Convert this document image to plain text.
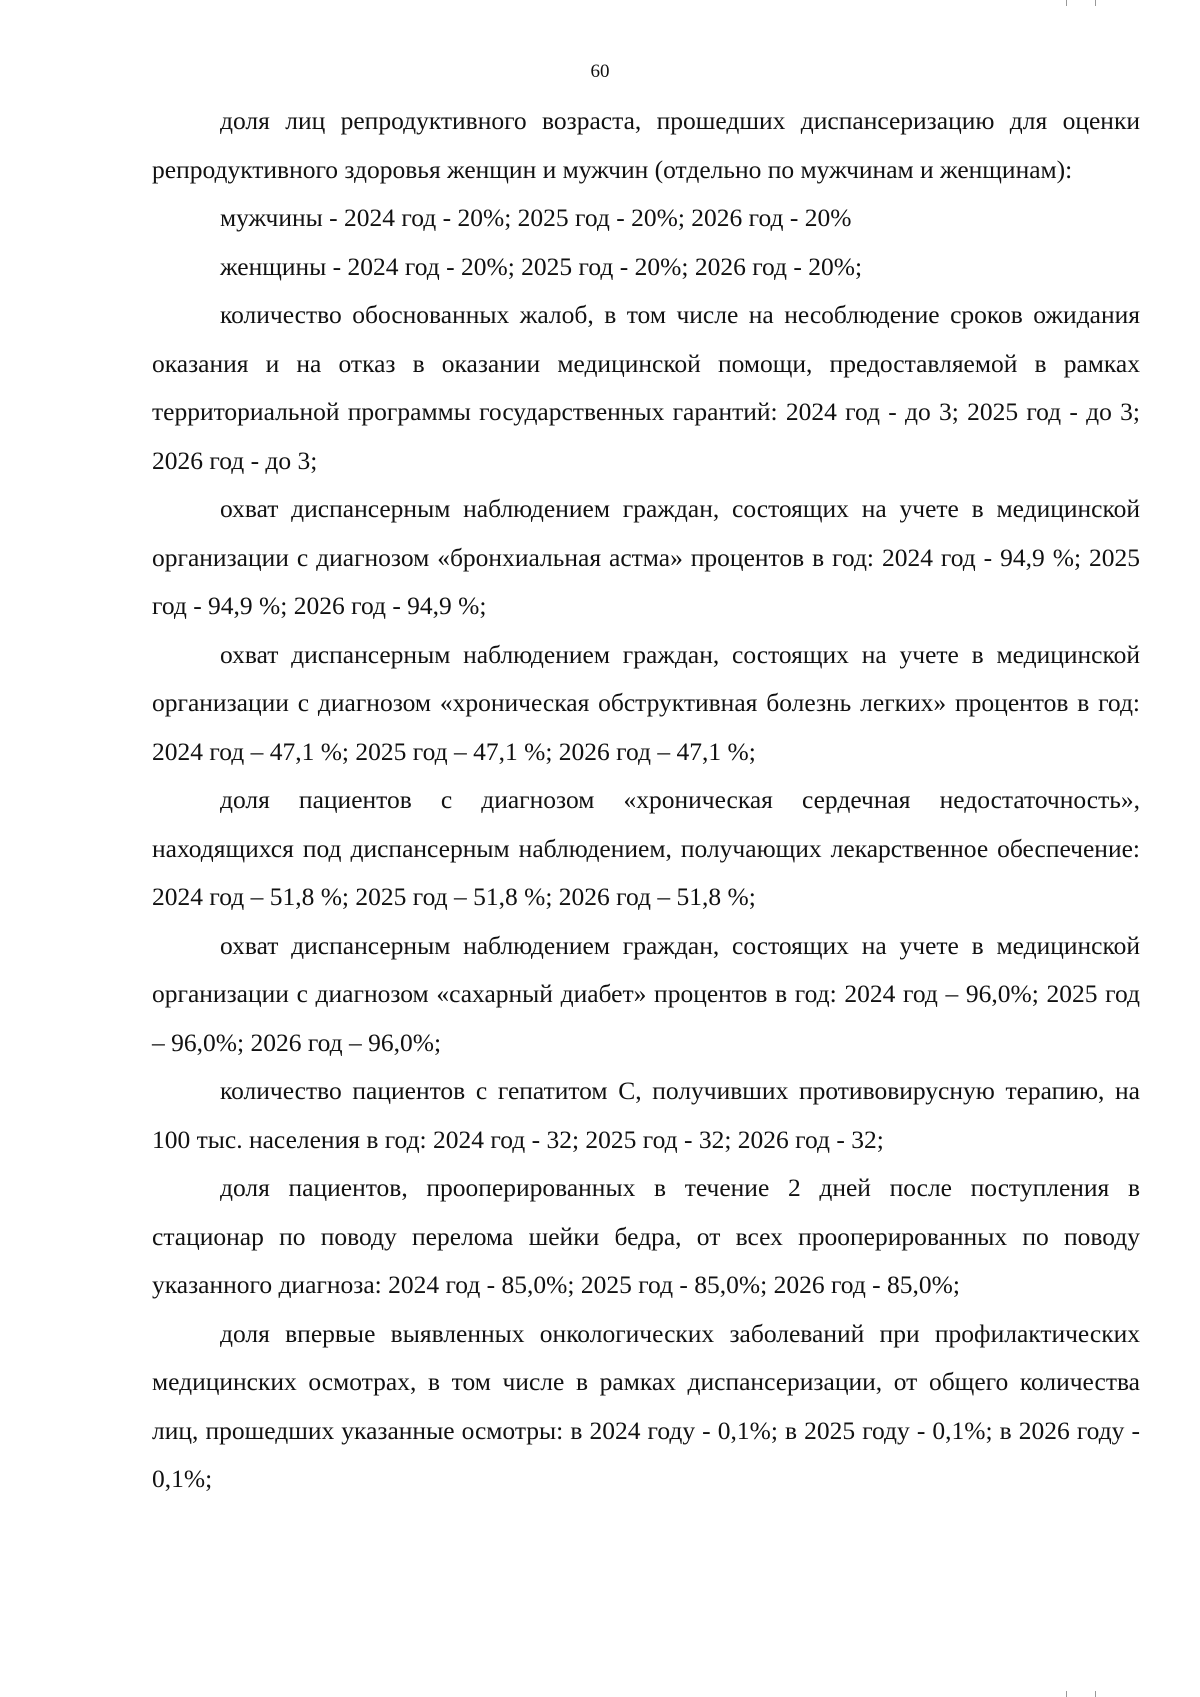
60

доля лиц репродуктивного возраста, прошедших диспансеризацию для оценки репродуктивного здоровья женщин и мужчин (отдельно по мужчинам и женщинам):

мужчины - 2024 год - 20%; 2025 год - 20%; 2026 год - 20%

женщины - 2024 год - 20%; 2025 год - 20%; 2026 год - 20%;

количество обоснованных жалоб, в том числе на несоблюдение сроков ожидания оказания и на отказ в оказании медицинской помощи, предоставляемой в рамках территориальной программы государственных гарантий: 2024 год - до 3; 2025 год - до 3; 2026 год - до 3;

охват диспансерным наблюдением граждан, состоящих на учете в медицинской организации с диагнозом «бронхиальная астма» процентов в год: 2024 год - 94,9 %; 2025 год - 94,9 %; 2026 год - 94,9 %;

охват диспансерным наблюдением граждан, состоящих на учете в медицинской организации с диагнозом «хроническая обструктивная болезнь легких» процентов в год: 2024 год – 47,1 %; 2025 год – 47,1 %; 2026 год – 47,1 %;

доля пациентов с диагнозом «хроническая сердечная недостаточность», находящихся под диспансерным наблюдением, получающих лекарственное обеспечение: 2024 год – 51,8 %; 2025 год – 51,8 %; 2026 год – 51,8 %;

охват диспансерным наблюдением граждан, состоящих на учете в медицинской организации с диагнозом «сахарный диабет» процентов в год: 2024 год – 96,0%; 2025 год – 96,0%; 2026 год – 96,0%;

количество пациентов с гепатитом С, получивших противовирусную терапию, на 100 тыс. населения в год: 2024 год - 32; 2025 год - 32; 2026 год - 32;

доля пациентов, прооперированных в течение 2 дней после поступления в стационар по поводу перелома шейки бедра, от всех прооперированных по поводу указанного диагноза: 2024 год - 85,0%; 2025 год - 85,0%; 2026 год - 85,0%;

доля впервые выявленных онкологических заболеваний при профилактических медицинских осмотрах, в том числе в рамках диспансеризации, от общего количества лиц, прошедших указанные осмотры: в 2024 году - 0,1%; в 2025 году - 0,1%; в 2026 году - 0,1%;
